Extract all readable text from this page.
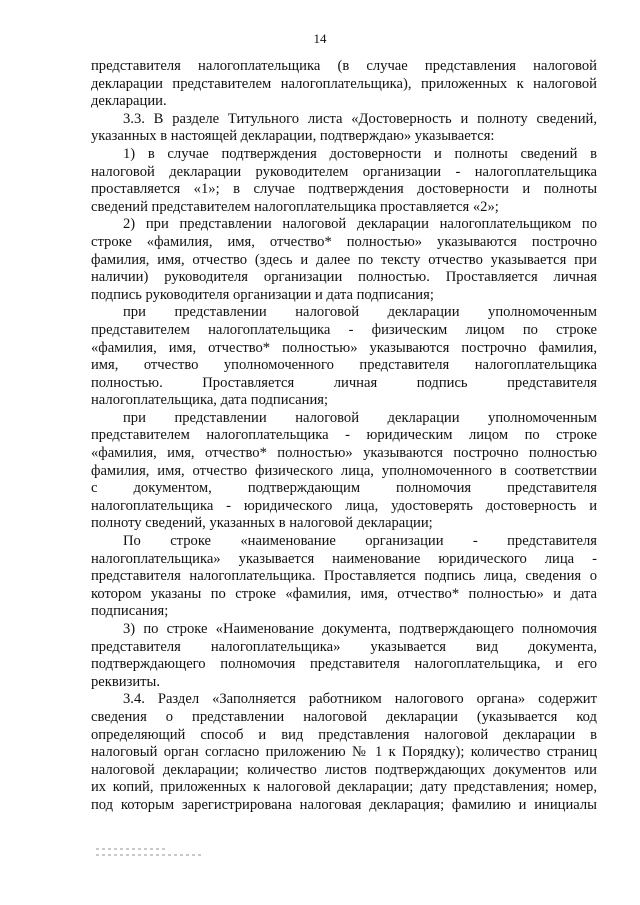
14
представителя налогоплательщика (в случае представления налоговой
декларации представителем налогоплательщика), приложенных к налоговой
декларации.
3.3. В разделе Титульного листа «Достоверность и полноту сведений,
указанных в настоящей декларации, подтверждаю» указывается:
1) в случае подтверждения достоверности и полноты сведений в
налоговой декларации руководителем организации - налогоплательщика
проставляется «1»; в случае подтверждения достоверности и полноты
сведений представителем налогоплательщика проставляется «2»;
2) при представлении налоговой декларации налогоплательщиком по
строке «фамилия, имя, отчество* полностью» указываются построчно
фамилия, имя, отчество (здесь и далее по тексту отчество указывается при
наличии) руководителя организации полностью. Проставляется личная
подпись руководителя организации и дата подписания;
при представлении налоговой декларации уполномоченным
представителем налогоплательщика - физическим лицом по строке
«фамилия, имя, отчество* полностью» указываются построчно фамилия,
имя, отчество уполномоченного представителя налогоплательщика
полностью. Проставляется личная подпись представителя
налогоплательщика, дата подписания;
при представлении налоговой декларации уполномоченным
представителем налогоплательщика - юридическим лицом по строке
«фамилия, имя, отчество* полностью» указываются построчно полностью
фамилия, имя, отчество физического лица, уполномоченного в соответствии
с документом, подтверждающим полномочия представителя
налогоплательщика - юридического лица, удостоверять достоверность и
полноту сведений, указанных в налоговой декларации;
По строке «наименование организации - представителя
налогоплательщика» указывается наименование юридического лица -
представителя налогоплательщика. Проставляется подпись лица, сведения о
котором указаны по строке «фамилия, имя, отчество* полностью» и дата
подписания;
3) по строке «Наименование документа, подтверждающего полномочия
представителя налогоплательщика» указывается вид документа,
подтверждающего полномочия представителя налогоплательщика, и его
реквизиты.
3.4. Раздел «Заполняется работником налогового органа» содержит
сведения о представлении налоговой декларации (указывается код
определяющий способ и вид представления налоговой декларации в
налоговый орган согласно приложению № 1 к Порядку); количество страниц
налоговой декларации; количество листов подтверждающих документов или
их копий, приложенных к налоговой декларации; дату представления; номер,
под которым зарегистрирована налоговая декларация; фамилию и инициалы
